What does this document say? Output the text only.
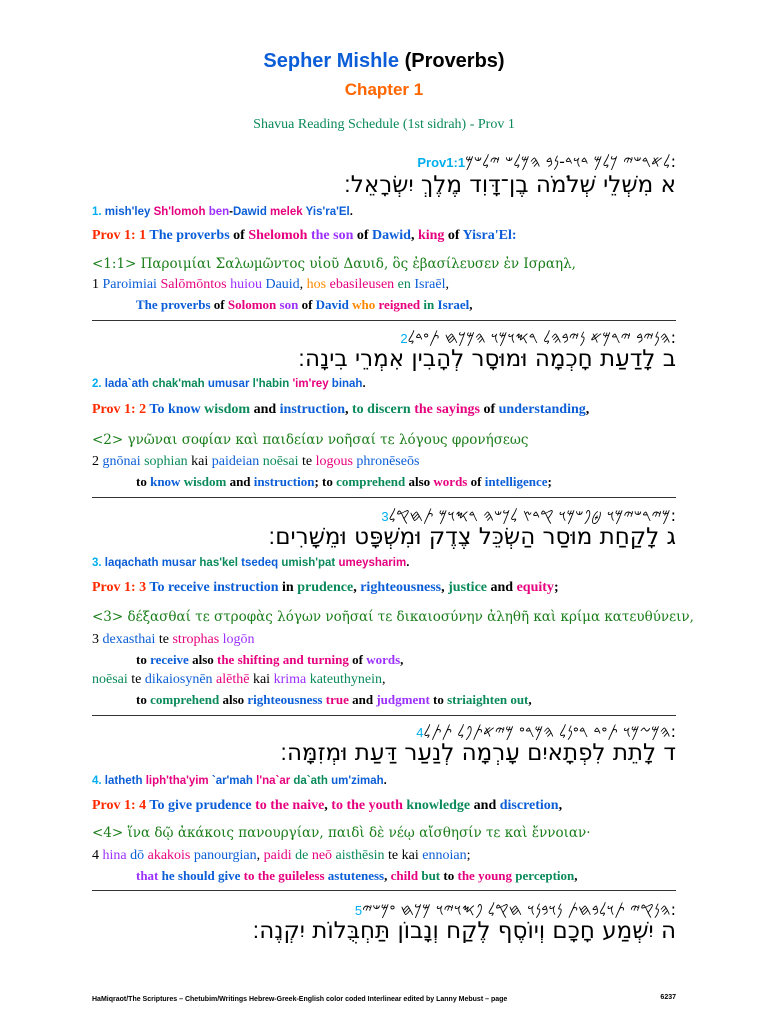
Sepher Mishle (Proverbs)
Chapter 1
Shavua Reading Schedule (1st sidrah) - Prov 1
:𐤋𐤀𐤓𐤔𐤉 𐤊𐤋𐤌 𐤃𐤅𐤃-𐤍𐤁 𐤄𐤌𐤋𐤔 𐤉𐤋𐤔𐤌Prov1:1
א מִשְׁלֵי שְׁלֹמֹה בֶן־דָּוִד מֶלֶךְ יִשְׂרָאֵל׃
1. mish'ley Sh'lomoh ben-Dawid melek Yis'ra'El.
Prov 1: 1 The proverbs of Shelomoh the son of Dawid, king of Yisra'El:
<1:1> Παροιμίαι Σαλωμῶντος υἱοῦ Δαυιδ, ὃς ἐβασίλευσεν ἐν Ισραηλ,
1 Paroimiai Salōmōntos huiou Dauid, hos ebasileusen en Israēl,
The proverbs of Solomon son of David who reigned in Israel,
:𐤄𐤍𐤉𐤁 𐤉𐤓𐤌𐤀 𐤍𐤉𐤁𐤄𐤋 𐤓𐤎𐤅𐤌𐤅 𐤄𐤌𐤊𐤇 𐤕𐤏𐤃𐤋2
ב לָדַעַת חָכְמָה וּמוּסָר לְהָבִין אִמְרֵי בִינָה׃
2. lada`ath chak'mah umusar l'habin 'im'rey binah.
Prov 1: 2 To know wisdom and instruction, to discern the sayings of understanding,
<2> γνῶναι σοφίαν καὶ παιδείαν νοῆσαί τε λόγους φρονήσεως
2 gnōnai sophian kai paideian noēsai te logous phronēseōs
to know wisdom and instruction; to comprehend also words of intelligence;
:𐤌𐤉𐤓𐤔𐤉𐤌𐤅 𐤈𐤐𐤔𐤌𐤅 𐤒𐤃𐤑 𐤋𐤊𐤔𐤄 𐤓𐤎𐤅𐤌 𐤕𐤇𐤒𐤋3
ג לָקַחַת מוּסַר הַשְׂכֵּל צֶדֶק וּמִשְׁפָּט וּמֵשָׁרִים׃
3. laqachath musar has'kel tsedeq umish'pat umeysharim.
Prov 1: 3 To receive instruction in prudence, righteousness, justice and equity;
<3> δέξασθαί τε στροφὰς λόγων νοῆσαί τε δικαιοσύνην ἀληθῆ καὶ κρίμα κατευθύνειν,
3 dexasthai te strophas logōn
to receive also the shifting and turning of words,
noēsai te dikaiosynēn alēthē kai krima kateuthynein,
to comprehend also righteousness true and judgment to striaighten out,
:𐤄𐤌𐤆𐤌𐤅 𐤕𐤏𐤃 𐤓𐤏𐤍𐤋 𐤄𐤌𐤓𐤏 𐤌𐤉𐤀𐤕𐤐𐤋 𐤕𐤕𐤋4
ד לָתֵת לִפְתָאיִם עָרְמָה לְנַעַר דַּעַת וּמְזִמָּה׃
4. latheth liph'tha'yim `ar'mah l'na`ar da`ath um'zimah.
Prov 1: 4 To give prudence to the naive, to the youth knowledge and discretion,
<4> ἵνα δῷ ἀκάκοις πανουργίαν, παιδὶ δὲ νέῳ αἴσθησίν τε καὶ ἔννοιαν·
4 hina dō akakois panourgian, paidi de neō aisthēsin te kai ennoian;
that he should give to the guileless astuteness, child but to the young perception,
:𐤄𐤍𐤒𐤉 𐤕𐤅𐤋𐤁𐤇𐤕 𐤍𐤅𐤁𐤍𐤅 𐤇𐤒𐤋 𐤐𐤎𐤅𐤉𐤅 𐤌𐤊𐤇 𐤏𐤌𐤔𐤉5
ה יִשְׁמַע חָכָם וְיוֹסֶף לֶקַח וְנָבוֹן תַּחְבֻּלוֹת יִקְנֶה׃
HaMiqraot/The Scriptures – Chetubim/Writings Hebrew-Greek-English color coded Interlinear edited by Lanny Mebust – page	6237
